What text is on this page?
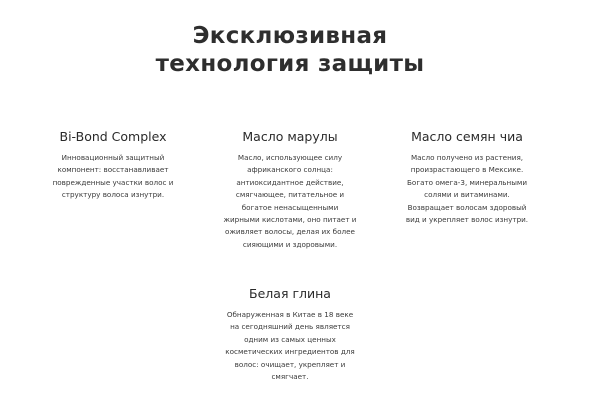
Эксклюзивная
технология защиты
Bi-Bond Complex

Инновационный защитный
компонент: восстанавливает
поврежденные участки волос и
структуру волоса изнутри.

Масло марулы

Масло, использующее силу
африканского солнца:
антиоксидантное действие,
смягчающее, питательное и
богатое ненасыщенными
жирными кислотами, оно питает и
оживляет волосы, делая их более
сияющими и здоровыми.

Масло семян чиа

Масло получено из растения,
произрастающего в Мексике.
Богато омега-3, минеральными
солями и витаминами.
Возвращает волосам здоровый
вид и укрепляет волос изнутри.

Белая глина

Обнаруженная в Китае в 18 веке
на сегодняшний день является
одним из самых ценных
косметических ингредиентов для
волос: очищает, укрепляет и
смягчает.
